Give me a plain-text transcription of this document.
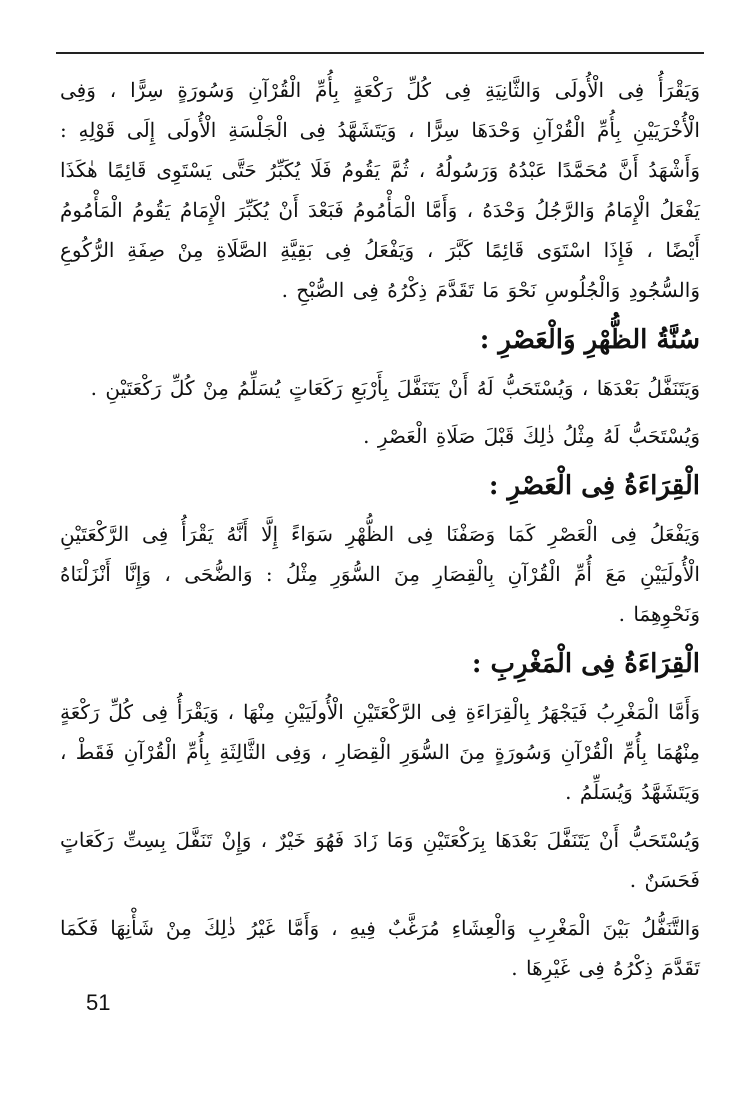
وَيَقْرَأُ فِى الْأُولَى وَالثَّانِيَةِ فِى كُلِّ رَكْعَةٍ بِأُمِّ الْقُرْآنِ وَسُورَةٍ سِرًّا ، وَفِى الْأُخْرَيَيْنِ بِأُمِّ الْقُرْآنِ وَحْدَهَا سِرًّا ، وَيَتَشَهَّدُ فِى الْجَلْسَةِ الْأُولَى إِلَى قَوْلِهِ : وَأَشْهَدُ أَنَّ مُحَمَّدًا عَبْدُهُ وَرَسُولُهُ ، ثُمَّ يَقُومُ فَلَا يُكَبِّرُ حَتَّى يَسْتَوِى قَائِمًا هٰكَذَا يَفْعَلُ الْإِمَامُ وَالرَّجُلُ وَحْدَهُ ، وَأَمَّا الْمَأْمُومُ فَبَعْدَ أَنْ يُكَبِّرَ الْإِمَامُ يَقُومُ الْمَأْمُومُ أَيْضًا ، فَإِذَا اسْتَوَى قَائِمًا كَبَّرَ ، وَيَفْعَلُ فِى بَقِيَّةِ الصَّلَاةِ مِنْ صِفَةِ الرُّكُوعِ وَالسُّجُودِ وَالْجُلُوسِ نَحْوَ مَا تَقَدَّمَ ذِكْرُهُ فِى الصُّبْحِ .

سُنَّةُ الظُّهْرِ وَالْعَصْرِ :

وَيَتَنَفَّلُ بَعْدَهَا ، وَيُسْتَحَبُّ لَهُ أَنْ يَتَنَفَّلَ بِأَرْبَعِ رَكَعَاتٍ يُسَلِّمُ مِنْ كُلِّ رَكْعَتَيْنِ .

وَيُسْتَحَبُّ لَهُ مِثْلُ ذٰلِكَ قَبْلَ صَلَاةِ الْعَصْرِ .

الْقِرَاءَةُ فِى الْعَصْرِ :

وَيَفْعَلُ فِى الْعَصْرِ كَمَا وَصَفْنَا فِى الظُّهْرِ سَوَاءً إِلَّا أَنَّهُ يَقْرَأُ فِى الرَّكْعَتَيْنِ الْأُولَيَيْنِ مَعَ أُمِّ الْقُرْآنِ بِالْقِصَارِ مِنَ السُّوَرِ مِثْلُ : وَالضُّحَى ، وَإِنَّا أَنْزَلْنَاهُ وَنَحْوِهِمَا .

الْقِرَاءَةُ فِى الْمَغْرِبِ :

وَأَمَّا الْمَغْرِبُ فَيَجْهَرُ بِالْقِرَاءَةِ فِى الرَّكْعَتَيْنِ الْأُولَيَيْنِ مِنْهَا ، وَيَقْرَأُ فِى كُلِّ رَكْعَةٍ مِنْهُمَا بِأُمِّ الْقُرْآنِ وَسُورَةٍ مِنَ السُّوَرِ الْقِصَارِ ، وَفِى الثَّالِثَةِ بِأُمِّ الْقُرْآنِ فَقَطْ ، وَيَتَشَهَّدُ وَيُسَلِّمُ .

وَيُسْتَحَبُّ أَنْ يَتَنَفَّلَ بَعْدَهَا بِرَكْعَتَيْنِ وَمَا زَادَ فَهُوَ خَيْرٌ ، وَإِنْ تَنَفَّلَ بِسِتِّ رَكَعَاتٍ فَحَسَنٌ .

وَالتَّنَفُّلُ بَيْنَ الْمَغْرِبِ وَالْعِشَاءِ مُرَغَّبٌ فِيهِ ، وَأَمَّا غَيْرُ ذٰلِكَ مِنْ شَأْنِهَا فَكَمَا تَقَدَّمَ ذِكْرُهُ فِى غَيْرِهَا .

51
